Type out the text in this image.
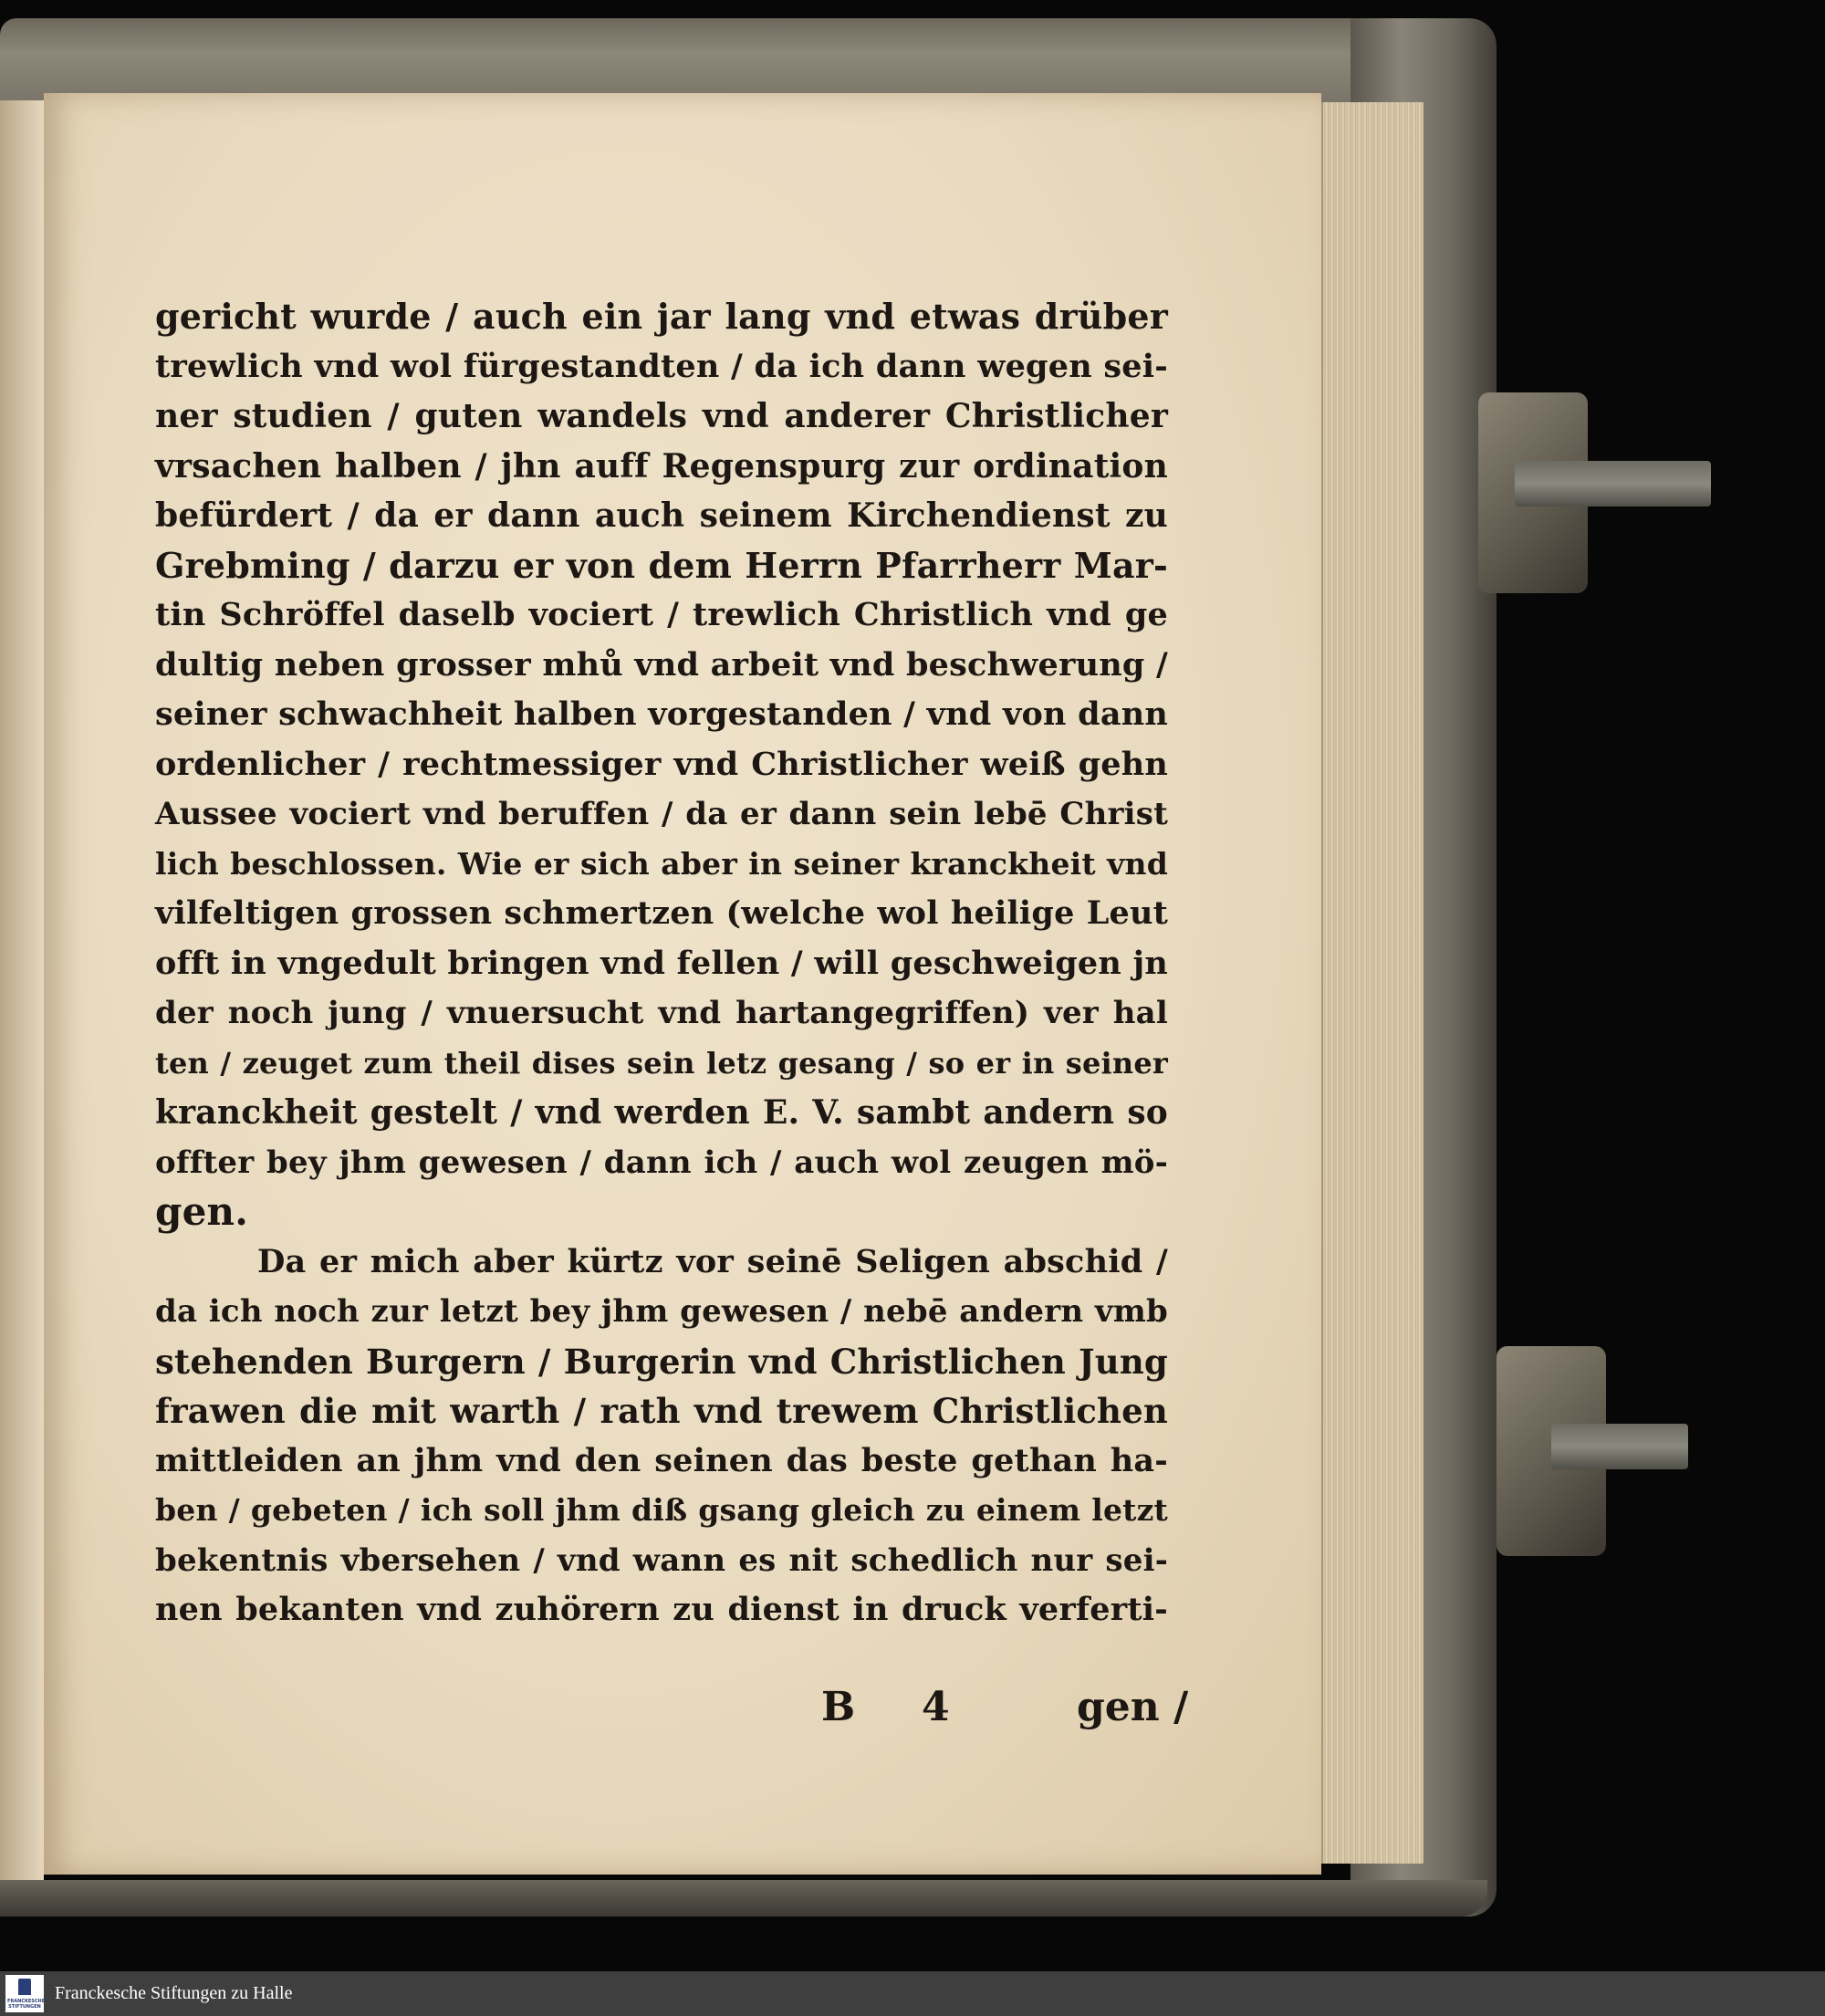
gericht wurde / auch ein jar lang vnd etwas drüber
trewlich vnd wol fürgestandten / da ich dann wegen sei-
ner studien / guten wandels vnd anderer Christlicher
vrsachen halben / jhn auff Regenspurg zur ordination
befürdert / da er dann auch seinem Kirchendienst zu
Grebming / darzu er von dem Herrn Pfarrherr Mar-
tin Schröffel daselb vociert / trewlich Christlich vnd ge
dultig neben grosser mhů vnd arbeit vnd beschwerung /
seiner schwachheit halben vorgestanden / vnd von dann
ordenlicher / rechtmessiger vnd Christlicher weiß gehn
Aussee vociert vnd beruffen / da er dann sein lebē Christ
lich beschlossen. Wie er sich aber in seiner kranckheit vnd
vilfeltigen grossen schmertzen (welche wol heilige Leut
offt in vngedult bringen vnd fellen / will geschweigen jn
der noch jung / vnuersucht vnd hartangegriffen) ver hal
ten / zeuget zum theil dises sein letz gesang / so er in seiner
kranckheit gestelt / vnd werden E. V. sambt andern so
offter bey jhm gewesen / dann ich / auch wol zeugen mö-
gen.
Da er mich aber kürtz vor seinē Seligen abschid /
da ich noch zur letzt bey jhm gewesen / nebē andern vmb
stehenden Burgern / Burgerin vnd Christlichen Jung
frawen die mit warth / rath vnd trewem Christlichen
mittleiden an jhm vnd den seinen das beste gethan ha-
ben / gebeten / ich soll jhm diß gsang gleich zu einem letzt
bekentnis vbersehen / vnd wann es nit schedlich nur sei-
nen bekanten vnd zuhörern zu dienst in druck verferti-
B 4	gen /
FRANCKESCHE STIFTUNGEN
Franckesche Stiftungen zu Halle
